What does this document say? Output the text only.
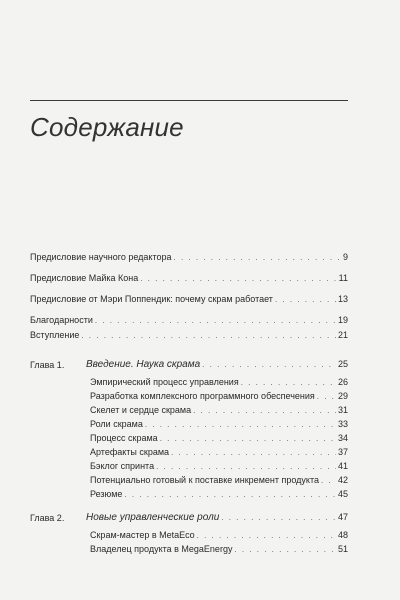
Содержание
Предисловие научного редактора . . .	9
Предисловие Майка Кона . . .	11
Предисловие от Мэри Поппендик: почему скрам работает . . .	13
Благодарности . . .	19
Вступление . . .	21
Глава 1. Введение. Наука скрама . . .	25
Эмпирический процесс управления . . .	26
Разработка комплексного программного обеспечения . . .	29
Скелет и сердце скрама . . .	31
Роли скрама . . .	33
Процесс скрама . . .	34
Артефакты скрама . . .	37
Бэклог спринта . . .	41
Потенциально готовый к поставке инкремент продукта . . . 42
Резюме . . .	45
Глава 2. Новые управленческие роли . . .	47
Скрам-мастер в MetaEco . . .	48
Владелец продукта в MegaEnergy . . .	51
